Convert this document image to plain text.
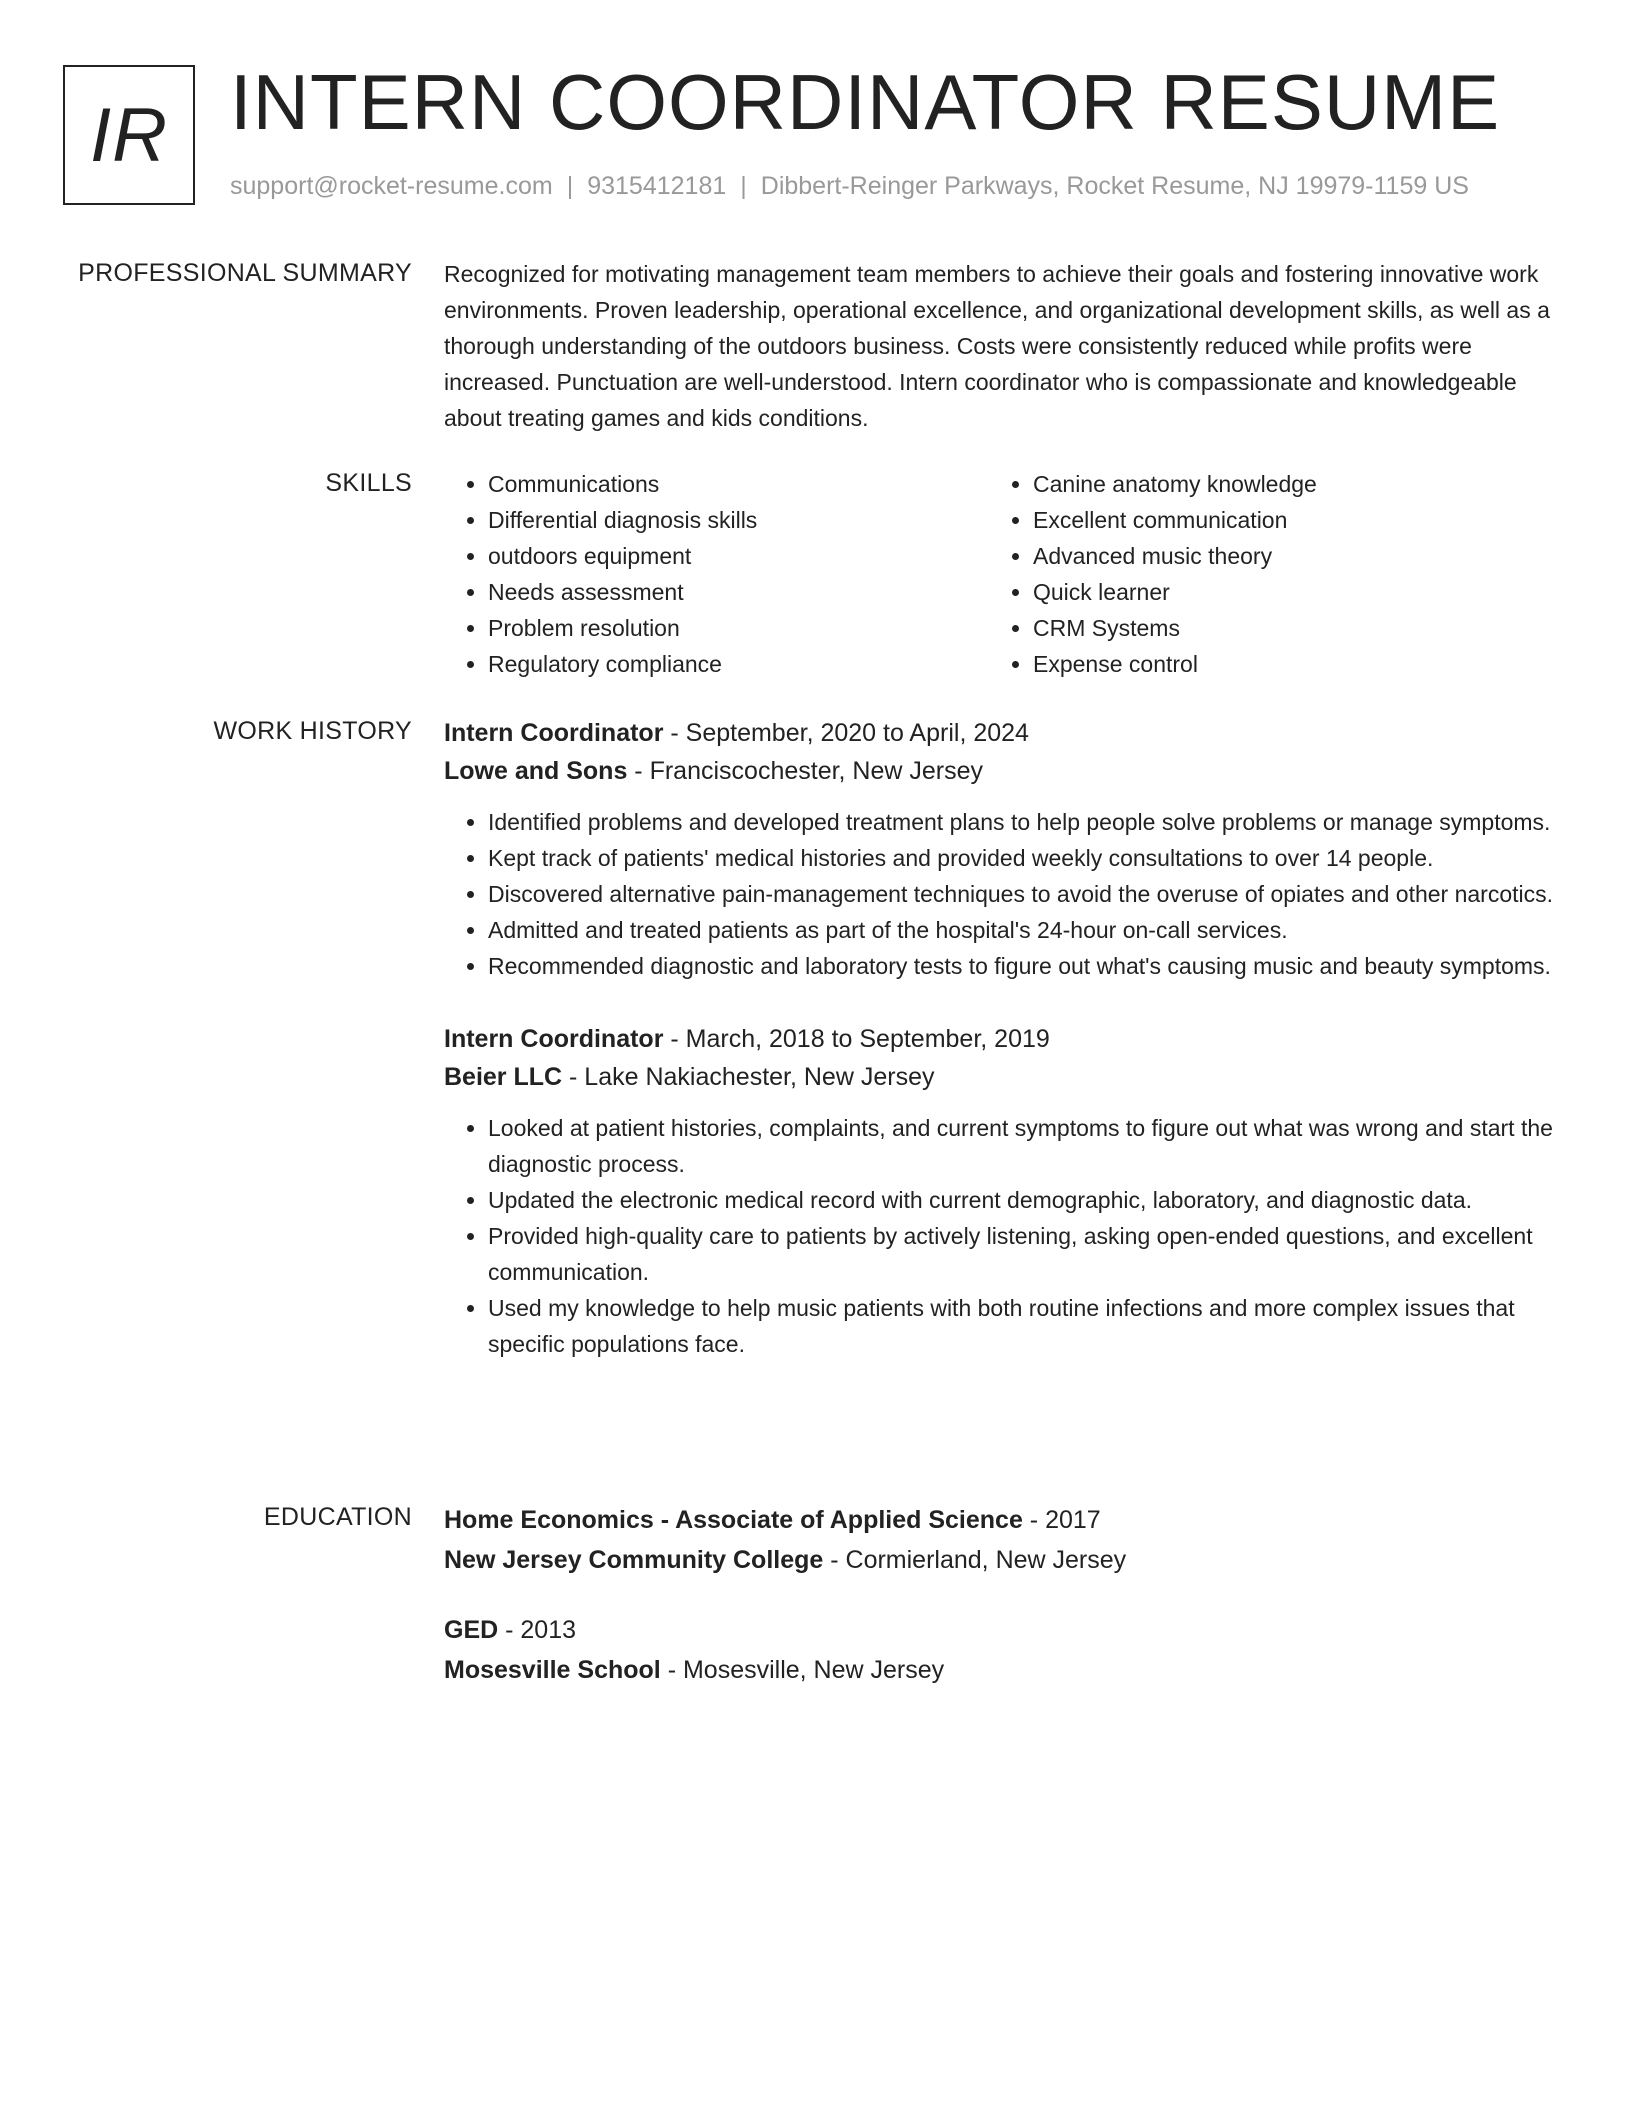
IR INTERN COORDINATOR RESUME
support@rocket-resume.com | 9315412181 | Dibbert-Reinger Parkways, Rocket Resume, NJ 19979-1159 US
PROFESSIONAL SUMMARY Recognized for motivating management team members to achieve their goals and fostering innovative work environments. Proven leadership, operational excellence, and organizational development skills, as well as a thorough understanding of the outdoors business. Costs were consistently reduced while profits were increased. Punctuation are well-understood. Intern coordinator who is compassionate and knowledgeable about treating games and kids conditions.

SKILLS
•	Communications
• Differential diagnosis skills
• outdoors equipment
• Needs assessment
• Problem resolution
• Regulatory compliance
• Canine anatomy knowledge
• Excellent communication
• Advanced music theory
• Quick learner
• CRM Systems
• Expense control
WORK HISTORY Intern Coordinator - September, 2020 to April, 2024
Lowe and Sons - Franciscochester, New Jersey
• Identified problems and developed treatment plans to help people solve problems or manage symptoms.
• Kept track of patients' medical histories and provided weekly consultations to over 14 people.
• Discovered alternative pain-management techniques to avoid the overuse of opiates and other narcotics.
• Admitted and treated patients as part of the hospital's 24-hour on-call services.
• Recommended diagnostic and laboratory tests to figure out what's causing music and beauty symptoms.
Intern Coordinator - March, 2018 to September, 2019
Beier LLC - Lake Nakiachester, New Jersey
• Looked at patient histories, complaints, and current symptoms to figure out what was wrong and start the diagnostic process.
• Updated the electronic medical record with current demographic, laboratory, and diagnostic data.
• Provided high-quality care to patients by actively listening, asking open-ended questions, and excellent communication.
• Used my knowledge to help music patients with both routine infections and more complex issues that specific populations face.
EDUCATION Home Economics - Associate of Applied Science - 2017
New Jersey Community College - Cormierland, New Jersey
GED - 2013
Mosesville School - Mosesville, New Jersey
